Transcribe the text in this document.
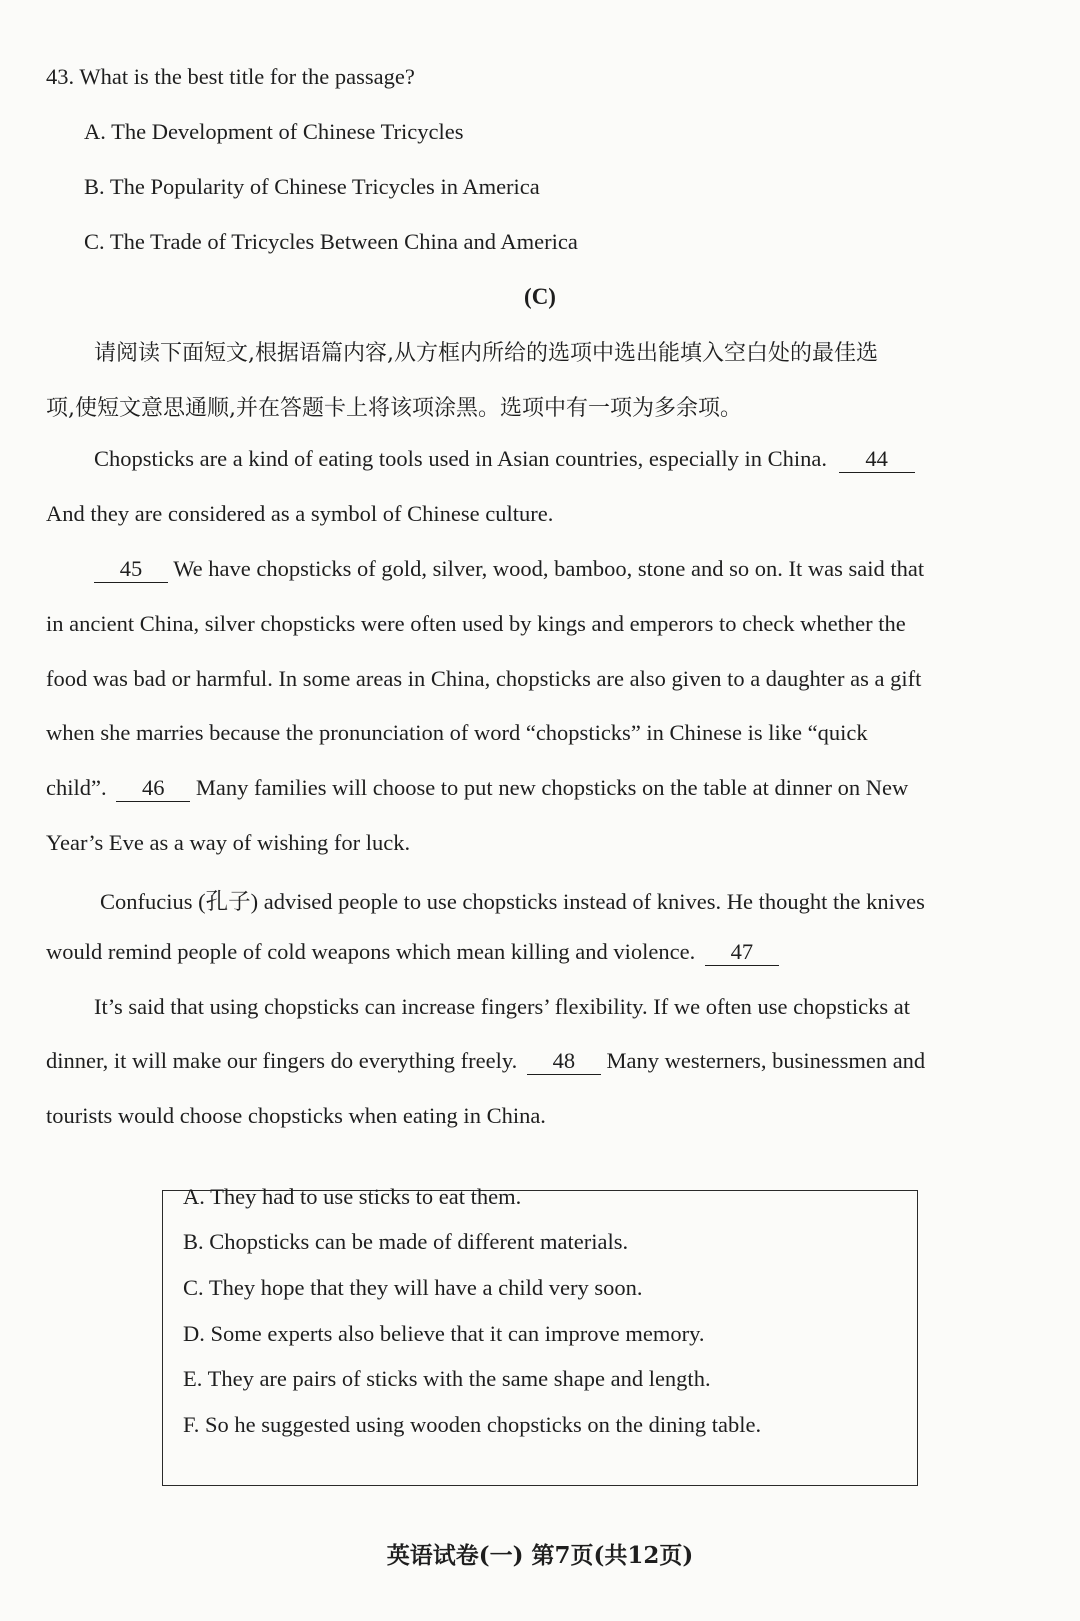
43. What is the best title for the passage?
A. The Development of Chinese Tricycles
B. The Popularity of Chinese Tricycles in America
C. The Trade of Tricycles Between China and America
(C)
请阅读下面短文,根据语篇内容,从方框内所给的选项中选出能填入空白处的最佳选
项,使短文意思通顺,并在答题卡上将该项涂黑。选项中有一项为多余项。
Chopsticks are a kind of eating tools used in Asian countries, especially in China. 44
And they are considered as a symbol of Chinese culture.
45 We have chopsticks of gold, silver, wood, bamboo, stone and so on. It was said that
in ancient China, silver chopsticks were often used by kings and emperors to check whether the
food was bad or harmful. In some areas in China, chopsticks are also given to a daughter as a gift
when she marries because the pronunciation of word “chopsticks” in Chinese is like “quick
child”. 46 Many families will choose to put new chopsticks on the table at dinner on New
Year’s Eve as a way of wishing for luck.
Confucius (孔子) advised people to use chopsticks instead of knives. He thought the knives
would remind people of cold weapons which mean killing and violence. 47
It’s said that using chopsticks can increase fingers’ flexibility. If we often use chopsticks at
dinner, it will make our fingers do everything freely. 48 Many westerners, businessmen and
tourists would choose chopsticks when eating in China.
A. They had to use sticks to eat them.
B. Chopsticks can be made of different materials.
C. They hope that they will have a child very soon.
D. Some experts also believe that it can improve memory.
E. They are pairs of sticks with the same shape and length.
F. So he suggested using wooden chopsticks on the dining table.
英语试卷(一) 第7页(共12页)
